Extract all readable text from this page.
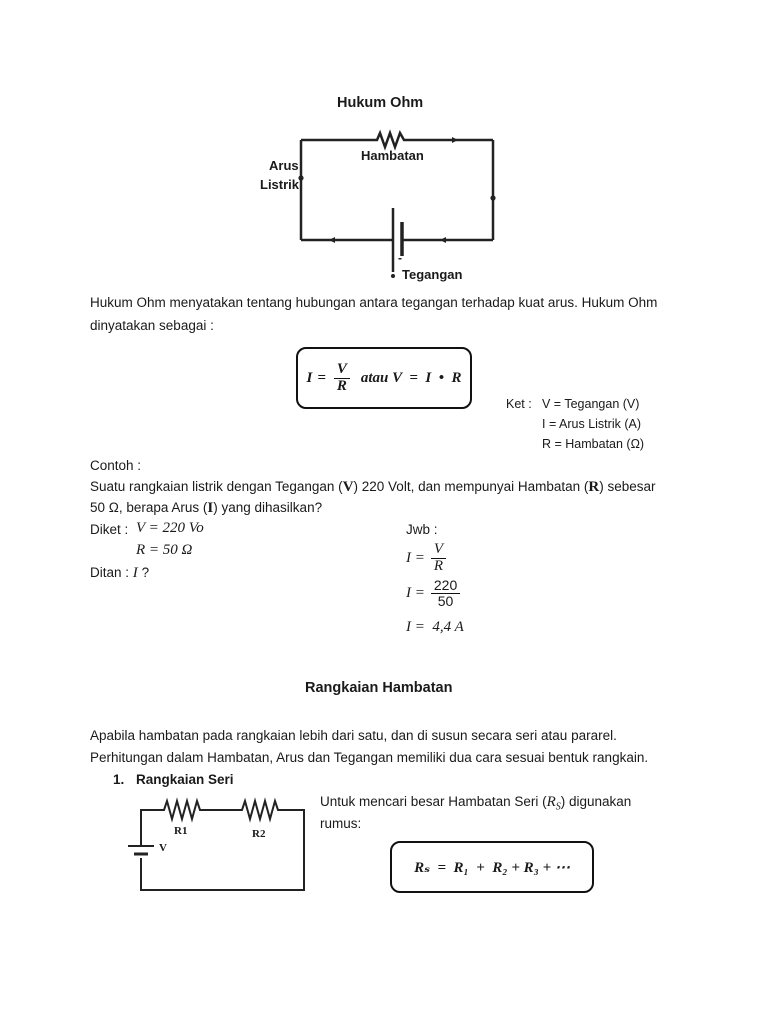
Hukum Ohm
Hambatan
Arus
Listrik
-
Tegangan
Hukum Ohm menyatakan tentang hubungan antara tegangan terhadap kuat arus. Hukum Ohm
dinyatakan sebagai :
$I = \frac{V}{R}$ atau V  =  I  •  R
Ket : V = Tegangan (V)
I = Arus Listrik (A)
R = Hambatan (Ω)
Contoh :
Suatu rangkaian listrik dengan Tegangan (V) 220 Volt, dan mempunyai Hambatan (R) sebesar
50 Ω, berapa Arus (I) yang dihasilkan?
Diket : V = 220 Vo
R = 50 Ω
Ditan : I ?
Jwb :
$I = \frac{V}{R}$
$I = \frac{220}{50}$
I =  4,4 A
Rangkaian Hambatan
Apabila hambatan pada rangkaian lebih dari satu, dan di susun secara seri atau pararel.
Perhitungan dalam Hambatan, Arus dan Tegangan memiliki dua cara sesuai bentuk rangkain.
1. Rangkaian Seri
R1	R2
V
Untuk mencari besar Hambatan Seri $(R_S)$ digunakan
rumus:
Rₛ  =  R₁  +  R₂ + R₃ + ⋯
